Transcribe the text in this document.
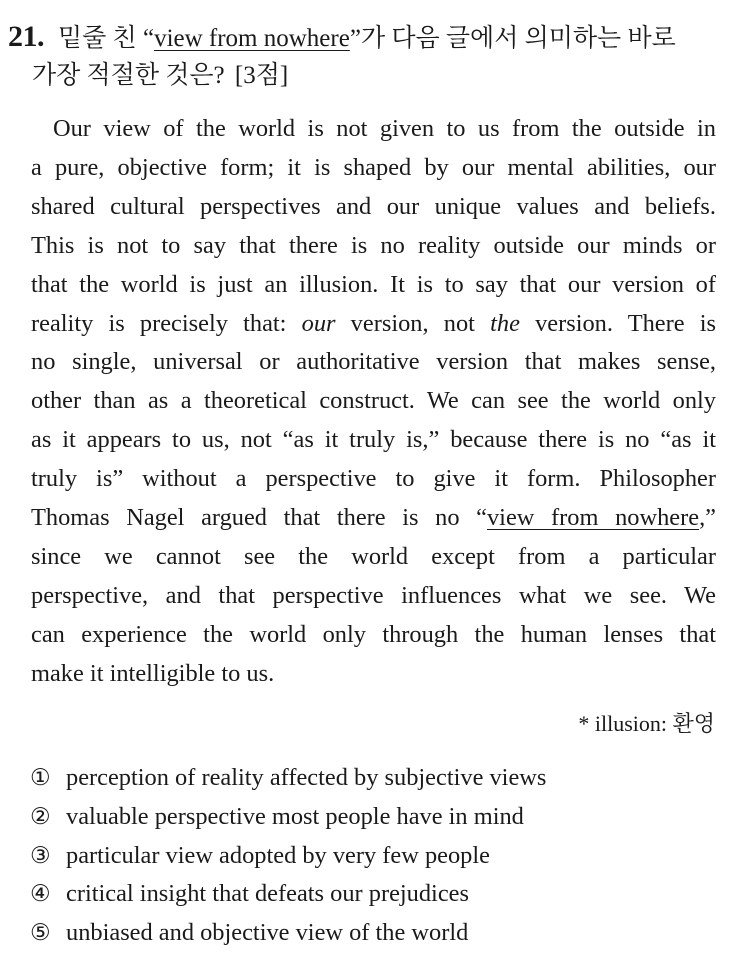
21. 밑줄 친 “view from nowhere”가 다음 글에서 의미하는 바로
가장 적절한 것은? [3점]
Our view of the world is not given to us from the outside in
a pure, objective form; it is shaped by our mental abilities, our
shared cultural perspectives and our unique values and beliefs.
This is not to say that there is no reality outside our minds or
that the world is just an illusion. It is to say that our version of
reality is precisely that: our version, not the version. There is
no single, universal or authoritative version that makes sense,
other than as a theoretical construct. We can see the world only
as it appears to us, not “as it truly is,” because there is no “as it
truly is” without a perspective to give it form. Philosopher
Thomas Nagel argued that there is no “view from nowhere,”
since we cannot see the world except from a particular
perspective, and that perspective influences what we see. We
can experience the world only through the human lenses that
make it intelligible to us.
* illusion: 환영
① perception of reality affected by subjective views
② valuable perspective most people have in mind
③ particular view adopted by very few people
④ critical insight that defeats our prejudices
⑤ unbiased and objective view of the world
